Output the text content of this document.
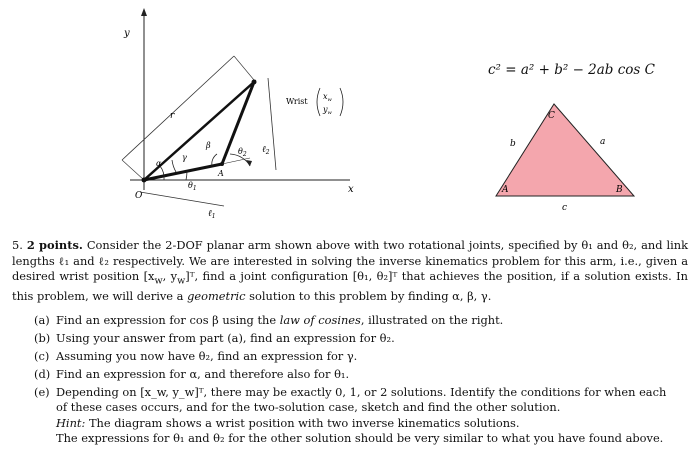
y
x
O
r
ℓ$_1$
ℓ$_2$
α
γ
β
$\theta_2$
$\theta_1$
A
Wrist
$x_w$
$y_w$
c² = a² + b² − 2ab cos C
A	B
C
a
b
c
5. 2 points. Consider the 2-DOF planar arm shown above with two rotational joints, specified by θ₁ and θ₂, and link lengths ℓ₁ and ℓ₂ respectively. We are interested in solving the inverse kinematics problem for this arm, i.e., given a desired wrist position [$x_w$, $y_w]ᵀ$, find a joint configuration [θ₁, θ₂]ᵀ that achieves the position, if a solution exists. In this problem, we will derive a geometric solution to this problem by finding α, β, γ.
(a) Find an expression for cos β using the law of cosines, illustrated on the right.
(b) Using your answer from part (a), find an expression for θ₂.
(c) Assuming you now have θ₂, find an expression for γ.
(d) Find an expression for α, and therefore also for θ₁.
(e) Depending on [x_w, y_w]ᵀ, there may be exactly 0, 1, or 2 solutions. Identify the conditions for when each of these cases occurs, and for the two-solution case, sketch and find the other solution.
Hint: The diagram shows a wrist position with two inverse kinematics solutions.
The expressions for θ₁ and θ₂ for the other solution should be very similar to what you have found above.
